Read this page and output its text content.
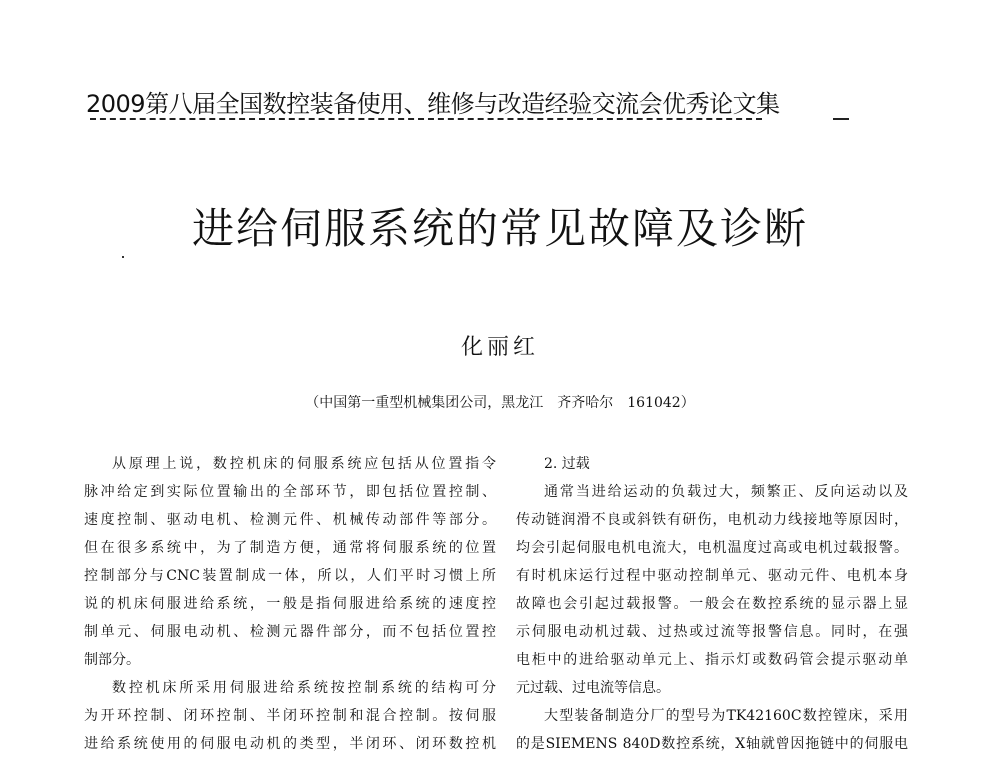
2009第八届全国数控装备使用、维修与改造经验交流会优秀论文集
进给伺服系统的常见故障及诊断
化丽红
（中国第一重型机械集团公司，黑龙江　齐齐哈尔　161042）
从原理上说，数控机床的伺服系统应包括从位置指令
脉冲给定到实际位置输出的全部环节，即包括位置控制、
速度控制、驱动电机、检测元件、机械传动部件等部分。
但在很多系统中，为了制造方便，通常将伺服系统的位置
控制部分与CNC装置制成一体，所以，人们平时习惯上所
说的机床伺服进给系统，一般是指伺服进给系统的速度控
制单元、伺服电动机、检测元器件部分，而不包括位置控
制部分。
数控机床所采用伺服进给系统按控制系统的结构可分
为开环控制、闭环控制、半闭环控制和混合控制。按伺服
进给系统使用的伺服电动机的类型，半闭环、闭环数控机
2. 过载
通常当进给运动的负载过大，频繁正、反向运动以及
传动链润滑不良或斜铁有研伤，电机动力线接地等原因时，
均会引起伺服电机电流大，电机温度过高或电机过载报警。
有时机床运行过程中驱动控制单元、驱动元件、电机本身
故障也会引起过载报警。一般会在数控系统的显示器上显
示伺服电动机过载、过热或过流等报警信息。同时，在强
电柜中的进给驱动单元上、指示灯或数码管会提示驱动单
元过载、过电流等信息。
大型装备制造分厂的型号为TK42160C数控镗床，采用
的是SIEMENS 840D数控系统，X轴就曾因拖链中的伺服电
